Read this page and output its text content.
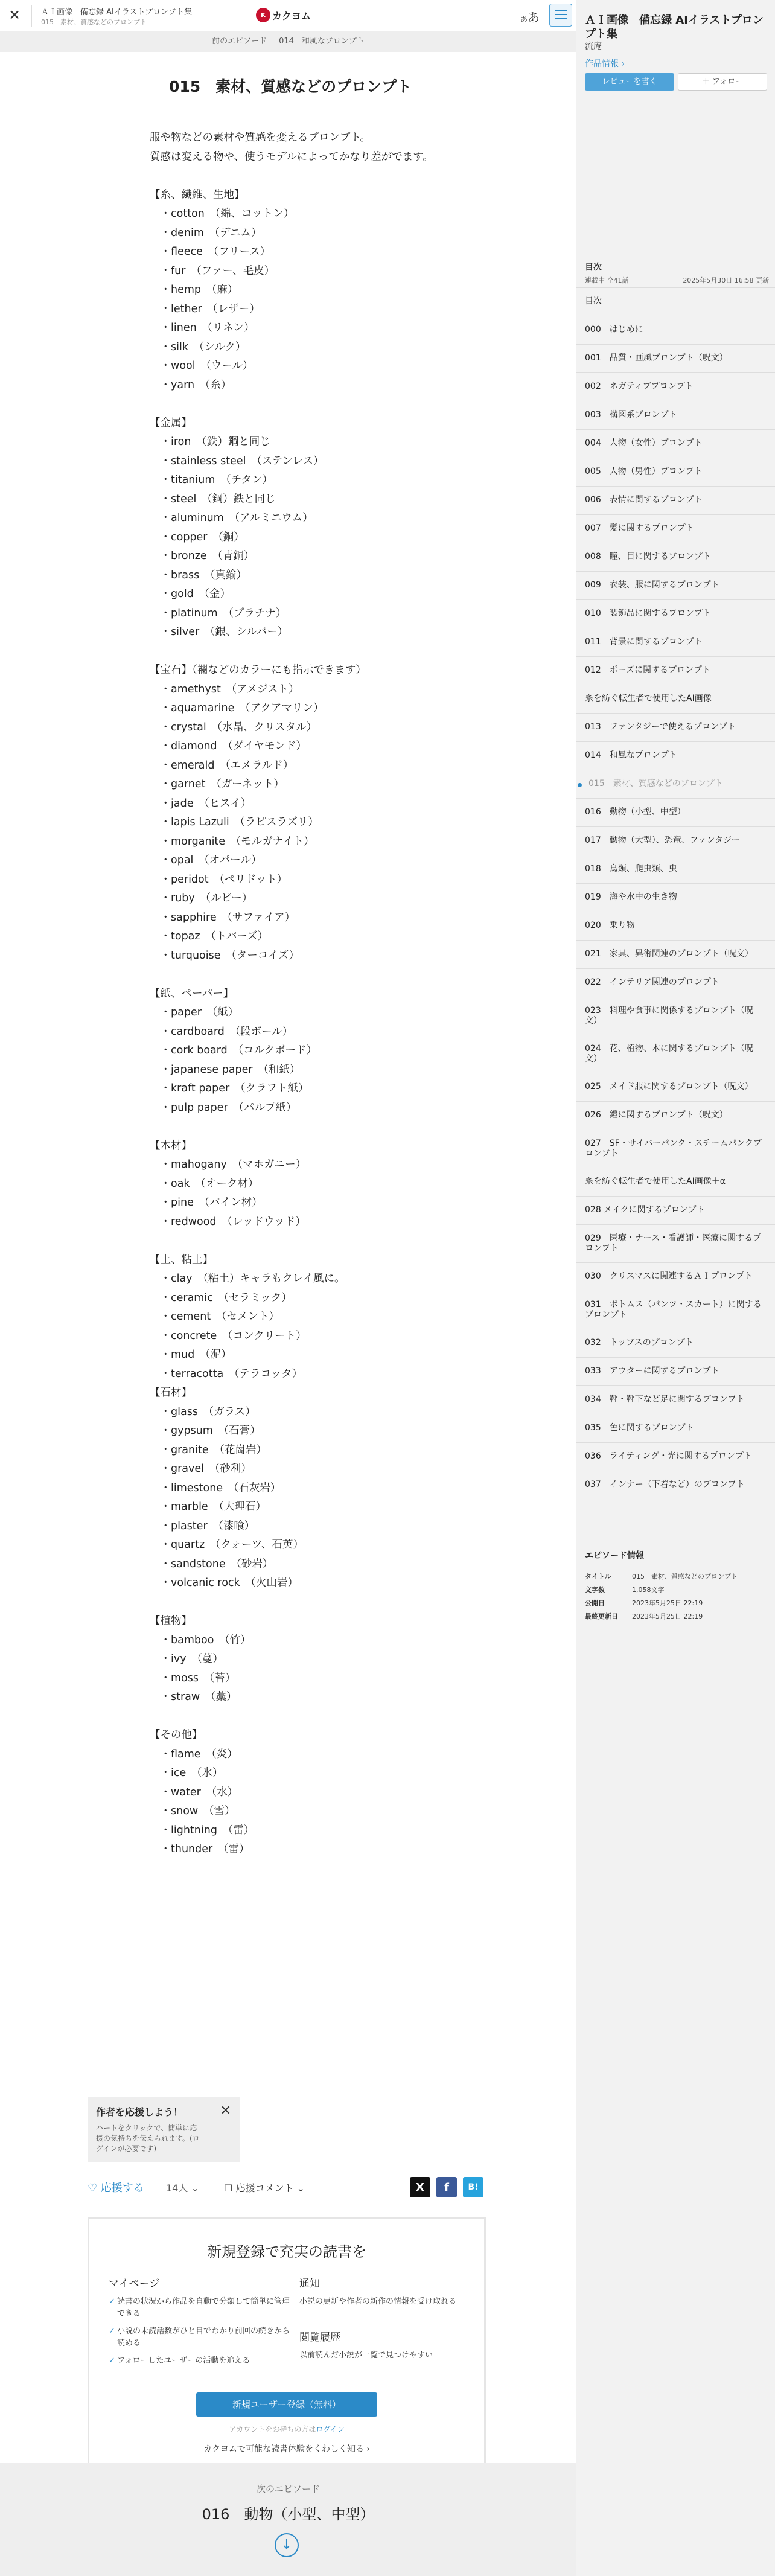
✕	ＡＩ画像　備忘録 AIイラストプロンプト集
015　素材、質感などのプロンプト
K カクヨム	ああ
前のエピソード 014　和風なプロンプト
015　素材、質感などのプロンプト
服や物などの素材や質感を変えるプロンプト。
質感は変える物や、使うモデルによってかなり差がでます。
【糸、繊維、生地】
　・cotton　（綿、コットン）
　・denim　（デニム）
　・fleece　（フリース）
　・fur　（ファー、毛皮）
　・hemp　（麻）
　・lether　（レザー）
　・linen　（リネン）
　・silk　（シルク）
　・wool　（ウール）
　・yarn　（糸）
【金属】
　・iron　（鉄）鋼と同じ
　・stainless steel　（ステンレス）
　・titanium　（チタン）
　・steel　（鋼）鉄と同じ
　・aluminum　（アルミニウム）
　・copper　（銅）
　・bronze　（青銅）
　・brass　（真鍮）
　・gold　（金）
　・platinum　（プラチナ）
　・silver　（銀、シルバー）
【宝石】（襴などのカラーにも指示できます）
　・amethyst　（アメジスト）
　・aquamarine　（アクアマリン）
　・crystal　（水晶、クリスタル）
　・diamond　（ダイヤモンド）
　・emerald　（エメラルド）
　・garnet　（ガーネット）
　・jade　（ヒスイ）
　・lapis Lazuli　（ラピスラズリ）
　・morganite　（モルガナイト）
　・opal　（オパール）
　・peridot　（ペリドット）
　・ruby　（ルビー）
　・sapphire　（サファイア）
　・topaz　（トパーズ）
　・turquoise　（ターコイズ）
【紙、ペーパー】
　・paper　（紙）
　・cardboard　（段ボール）
　・cork board　（コルクボード）
　・japanese paper　（和紙）
　・kraft paper　（クラフト紙）
　・pulp paper　（パルプ紙）
【木材】
　・mahogany　（マホガニー）
　・oak　（オーク材）
　・pine　（パイン材）
　・redwood　（レッドウッド）
【土、粘土】
　・clay　（粘土）キャラもクレイ風に。
　・ceramic　（セラミック）
　・cement　（セメント）
　・concrete　（コンクリート）
　・mud　（泥）
　・terracotta　（テラコッタ）
【石材】
　・glass　（ガラス）
　・gypsum　（石膏）
　・granite　（花崗岩）
　・gravel　（砂利）
　・limestone　（石灰岩）
　・marble　（大理石）
　・plaster　（漆喰）
　・quartz　（クォーツ、石英）
　・sandstone　（砂岩）
　・volcanic rock　（火山岩）
【植物】
　・bamboo　（竹）
　・ivy　（蔓）
　・moss　（苔）
　・straw　（藁）
【その他】
　・flame　（炎）
　・ice　（氷）
　・water　（水）
　・snow　（雪）
　・lightning　（雷）
　・thunder　（雷）
作者を応援しよう！

ハートをクリックで、簡単に応
援の気持ちを伝えられます。(ロ
グインが必要です)

✕
♡ 応援する 14人 ⌄	☐ 応援コメント ⌄	X	f	B!
新規登録で充実の読書を
マイページ
✓ 読書の状況から作品を自動で分類して簡単に管理できる
✓ 小説の未読話数がひと目でわかり前回の続きから読める
✓ フォローしたユーザーの活動を追える
通知

小説の更新や作者の新作の情報を受け取れる

閲覧履歴

以前読んだ小説が一覧で見つけやすい

新規ユーザー登録（無料）
アカウントをお持ちの方はログイン
カクヨムで可能な読書体験をくわしく知る ›
次のエピソード
016　動物（小型、中型）
↓
ＡＩ画像　備忘録 AIイラストプロンプト集
流庵
作品情報 ›
レビューを書く	＋ フォロー
目次
連載中 全41話	2025年5月30日 16:58 更新
目次
000　はじめに
001　品質・画風プロンプト（呪文）
002　ネガティブプロンプト
003　構図系プロンプト
004　人物（女性）プロンプト
005　人物（男性）プロンプト
006　表情に関するプロンプト
007　髪に関するプロンプト
008　瞳、目に関するプロンプト
009　衣装、服に関するプロンプト
010　装飾品に関するプロンプト
011　背景に関するプロンプト
012　ポーズに関するプロンプト
糸を紡ぐ転生者で使用したAI画像
013　ファンタジーで使えるプロンプト
014　和風なプロンプト
015　素材、質感などのプロンプト
016　動物（小型、中型）
017　動物（大型）、恐竜、ファンタジー
018　鳥類、爬虫類、虫
019　海や水中の生き物
020　乗り物
021　家具、異術関連のプロンプト（呪文）
022　インテリア関連のプロンプト
023　料理や食事に関係するプロンプト（呪文）
024　花、植物、木に関するプロンプト（呪文）
025　メイド服に関するプロンプト（呪文）
026　鎧に関するプロンプト（呪文）
027　SF・サイバーパンク・スチームパンクプロンプト
糸を紡ぐ転生者で使用したAI画像＋α
028 メイクに関するプロンプト
029　医療・ナース・看護師・医療に関するプロンプト
030　クリスマスに関連するＡＩプロンプト
031　ボトムス（パンツ・スカート）に関するプロンプト
032　トップスのプロンプト
033　アウターに関するプロンプト
034　靴・靴下など足に関するプロンプト
035　色に関するプロンプト
036　ライティング・光に関するプロンプト
037　インナー（下着など）のプロンプト
エピソード情報
タイトル	015　素材、質感などのプロンプト
文字数	1,058文字
公開日	2023年5月25日 22:19
最終更新日	2023年5月25日 22:19
